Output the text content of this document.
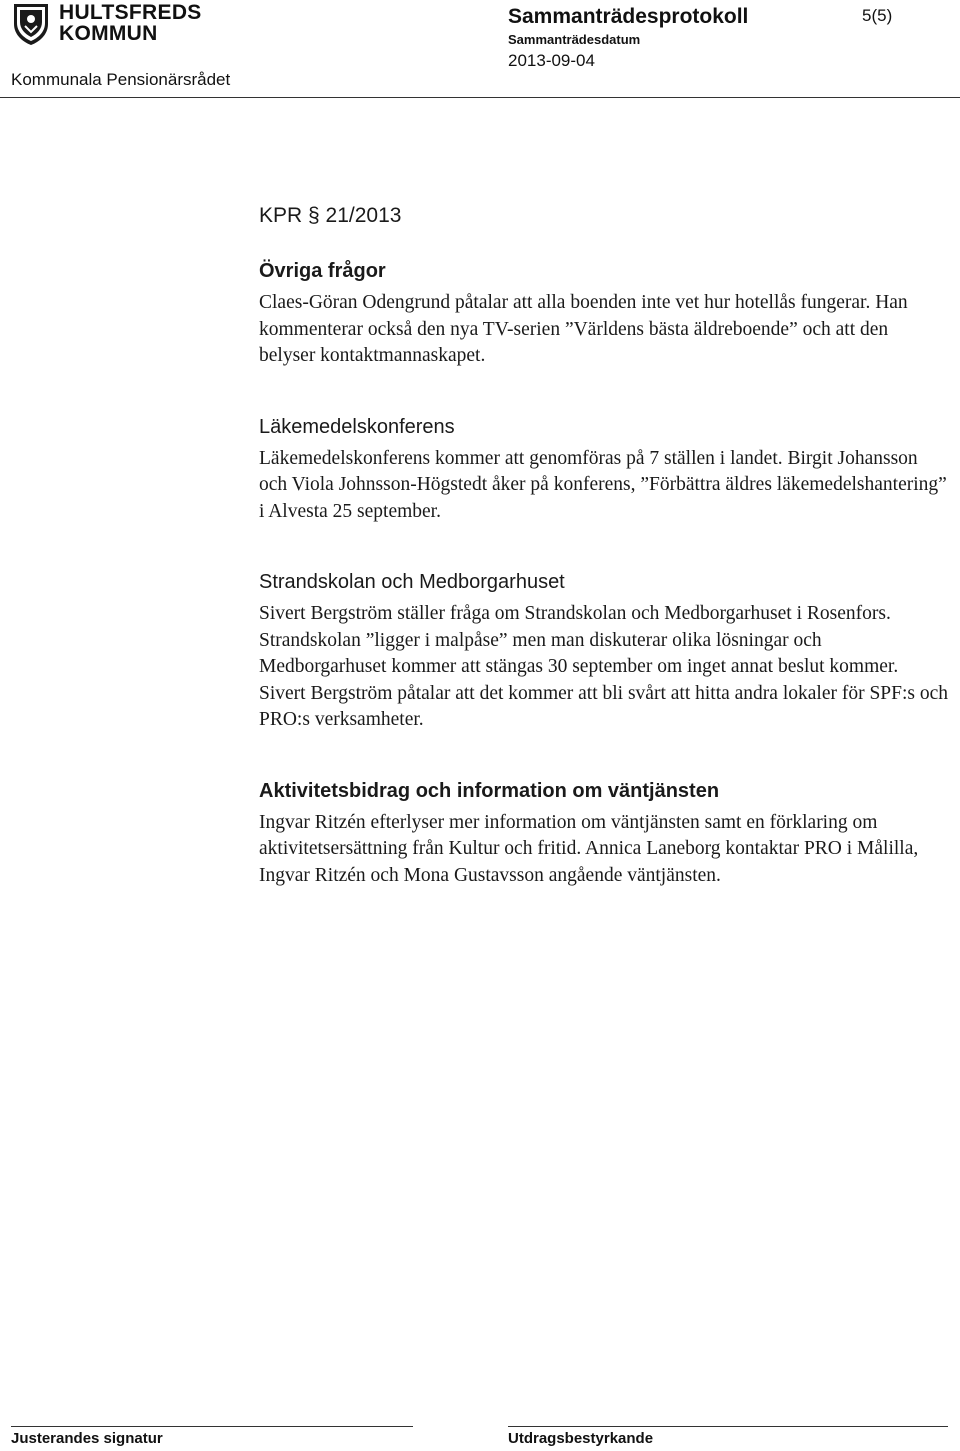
HULTSFREDS
KOMMUN
Kommunala Pensionärsrådet
Sammanträdesprotokoll
Sammanträdesdatum
2013-09-04
5(5)
KPR § 21/2013
Övriga frågor

Claes-Göran Odengrund påtalar att alla boenden inte vet hur hotellås fungerar. Han kommenterar också den nya TV-serien ”Världens bästa äldreboende” och att den belyser kontaktmannaskapet.

Läkemedelskonferens

Läkemedelskonferens kommer att genomföras på 7 ställen i landet. Birgit Johansson och Viola Johnsson-Högstedt åker på konferens, ”Förbättra äldres läkemedelshantering” i Alvesta 25 september.

Strandskolan och Medborgarhuset

Sivert Bergström ställer fråga om Strandskolan och Medborgarhuset i Rosenfors. Strandskolan ”ligger i malpåse” men man diskuterar olika lösningar och Medborgarhuset kommer att stängas 30 september om inget annat beslut kommer. Sivert Bergström påtalar att det kommer att bli svårt att hitta andra lokaler för SPF:s och PRO:s verksamheter.

Aktivitetsbidrag och information om väntjänsten

Ingvar Ritzén efterlyser mer information om väntjänsten samt en förklaring om aktivitetsersättning från Kultur och fritid. Annica Laneborg kontaktar PRO i Målilla, Ingvar Ritzén och Mona Gustavsson angående väntjänsten.

Justerandes signatur	Utdragsbestyrkande
